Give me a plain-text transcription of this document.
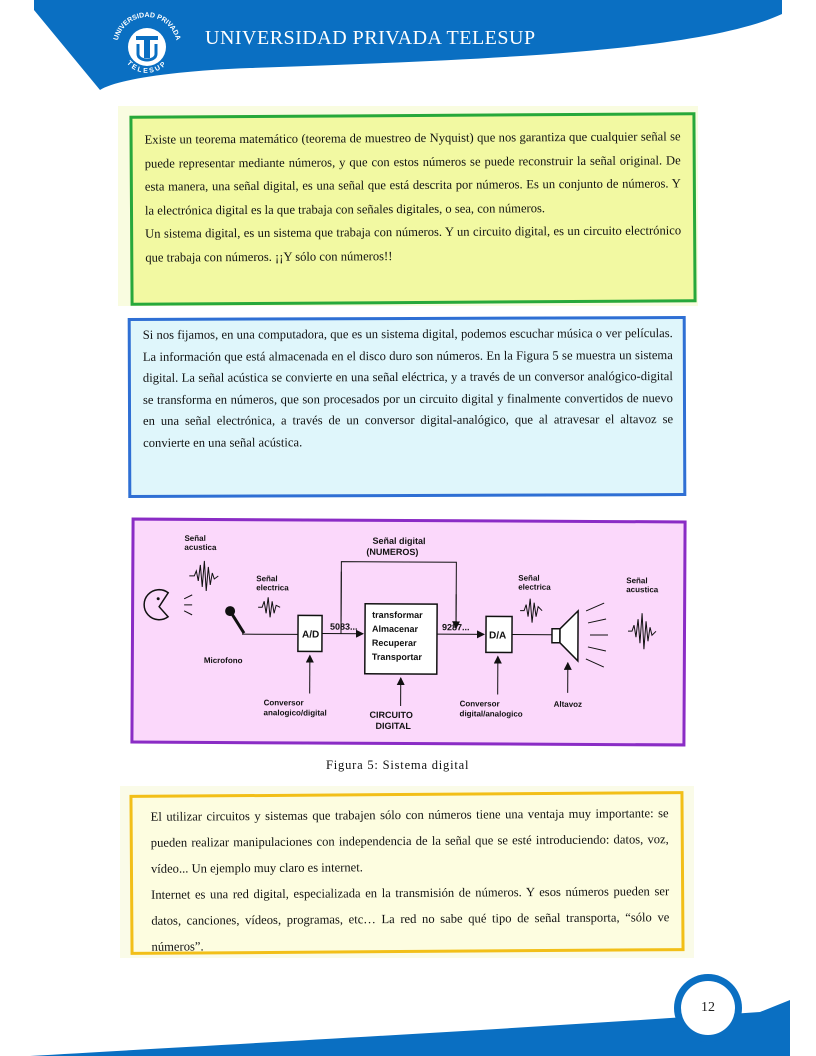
UNIVERSIDAD PRIVADA
TELESUP
UNIVERSIDAD PRIVADA TELESUP

Existe un teorema matemático (teorema de muestreo de Nyquist) que nos garantiza que cualquier señal se puede representar mediante números, y que con estos números se puede reconstruir la señal original. De esta manera, una señal digital, es una señal que está descrita por números. Es un conjunto de números. Y la electrónica digital es la que trabaja con señales digitales, o sea, con números.

Un sistema digital, es un sistema que trabaja con números. Y un circuito digital, es un circuito electrónico que trabaja con números. ¡¡Y sólo con números!!

Si nos fijamos, en una computadora, que es un sistema digital, podemos escuchar música o ver películas. La información que está almacenada en el disco duro son números. En la Figura 5 se muestra un sistema digital. La señal acústica se convierte en una señal eléctrica, y a través de un conversor analógico-digital se transforma en números, que son procesados por un circuito digital y finalmente convertidos de nuevo en una señal electrónica, a través de un conversor digital-analógico, que al atravesar el altavoz se convierte en una señal acústica.

Señal
acustica
Señal
electrica
Microfono
A/D
Conversor
analogico/digital
5083...
transformar
Almacenar
Recuperar
Transportar
Señal digital
(NUMEROS)
CIRCUITO
DIGITAL
9287...
D/A
Conversor
digital/analogico
Señal
electrica
Altavoz
Señal
acustica
Figura 5: Sistema digital

El utilizar circuitos y sistemas que trabajen sólo con números tiene una ventaja muy importante: se pueden realizar manipulaciones con independencia de la señal que se esté introduciendo: datos, voz, vídeo... Un ejemplo muy claro es internet.

Internet es una red digital, especializada en la transmisión de números. Y esos números pueden ser datos, canciones, vídeos, programas, etc… La red no sabe qué tipo de señal transporta, “sólo ve números”.

12
